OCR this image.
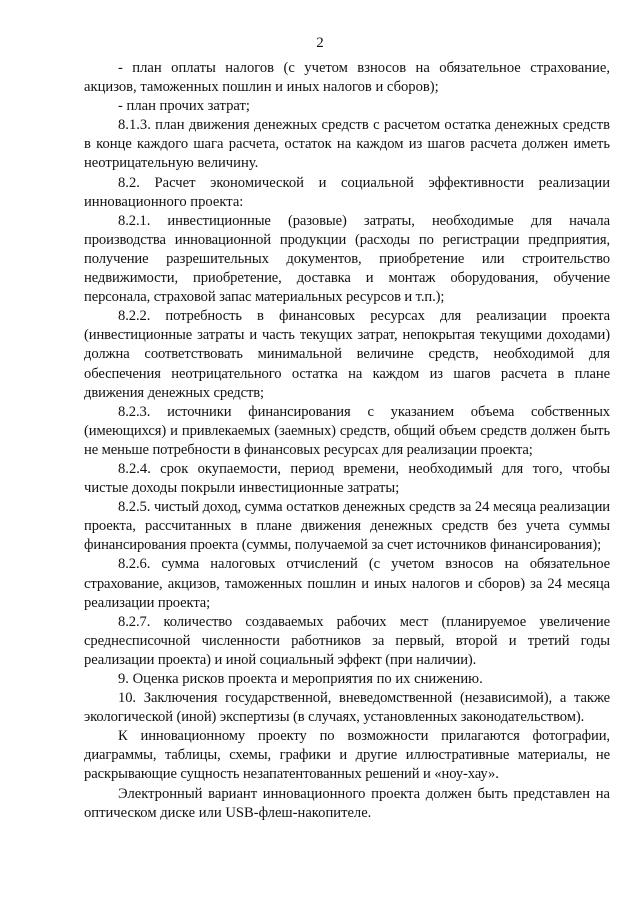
2

- план оплаты налогов (с учетом взносов на обязательное страхование, акцизов, таможенных пошлин и иных налогов и сборов);

- план прочих затрат;

8.1.3. план движения денежных средств с расчетом остатка денежных средств в конце каждого шага расчета, остаток на каждом из шагов расчета должен иметь неотрицательную величину.

8.2. Расчет экономической и социальной эффективности реализации инновационного проекта:

8.2.1. инвестиционные (разовые) затраты, необходимые для начала производства инновационной продукции (расходы по регистрации предприятия, получение разрешительных документов, приобретение или строительство недвижимости, приобретение, доставка и монтаж оборудования, обучение персонала, страховой запас материальных ресурсов и т.п.);

8.2.2. потребность в финансовых ресурсах для реализации проекта (инвестиционные затраты и часть текущих затрат, непокрытая текущими доходами) должна соответствовать минимальной величине средств, необходимой для обеспечения неотрицательного остатка на каждом из шагов расчета в плане движения денежных средств;

8.2.3. источники финансирования с указанием объема собственных (имеющихся) и привлекаемых (заемных) средств, общий объем средств должен быть не меньше потребности в финансовых ресурсах для реализации проекта;

8.2.4. срок окупаемости, период времени, необходимый для того, чтобы чистые доходы покрыли инвестиционные затраты;

8.2.5. чистый доход, сумма остатков денежных средств за 24 месяца реализации проекта, рассчитанных в плане движения денежных средств без учета суммы финансирования проекта (суммы, получаемой за счет источников финансирования);

8.2.6. сумма налоговых отчислений (с учетом взносов на обязательное страхование, акцизов, таможенных пошлин и иных налогов и сборов) за 24 месяца реализации проекта;

8.2.7. количество создаваемых рабочих мест (планируемое увеличение среднесписочной численности работников за первый, второй и третий годы реализации проекта) и иной социальный эффект (при наличии).

9. Оценка рисков проекта и мероприятия по их снижению.

10. Заключения государственной, вневедомственной (независимой), а также экологической (иной) экспертизы (в случаях, установленных законодательством).

К инновационному проекту по возможности прилагаются фотографии, диаграммы, таблицы, схемы, графики и другие иллюстративные материалы, не раскрывающие сущность незапатентованных решений и «ноу-хау».

Электронный вариант инновационного проекта должен быть представлен на оптическом диске или USB-флеш-накопителе.
